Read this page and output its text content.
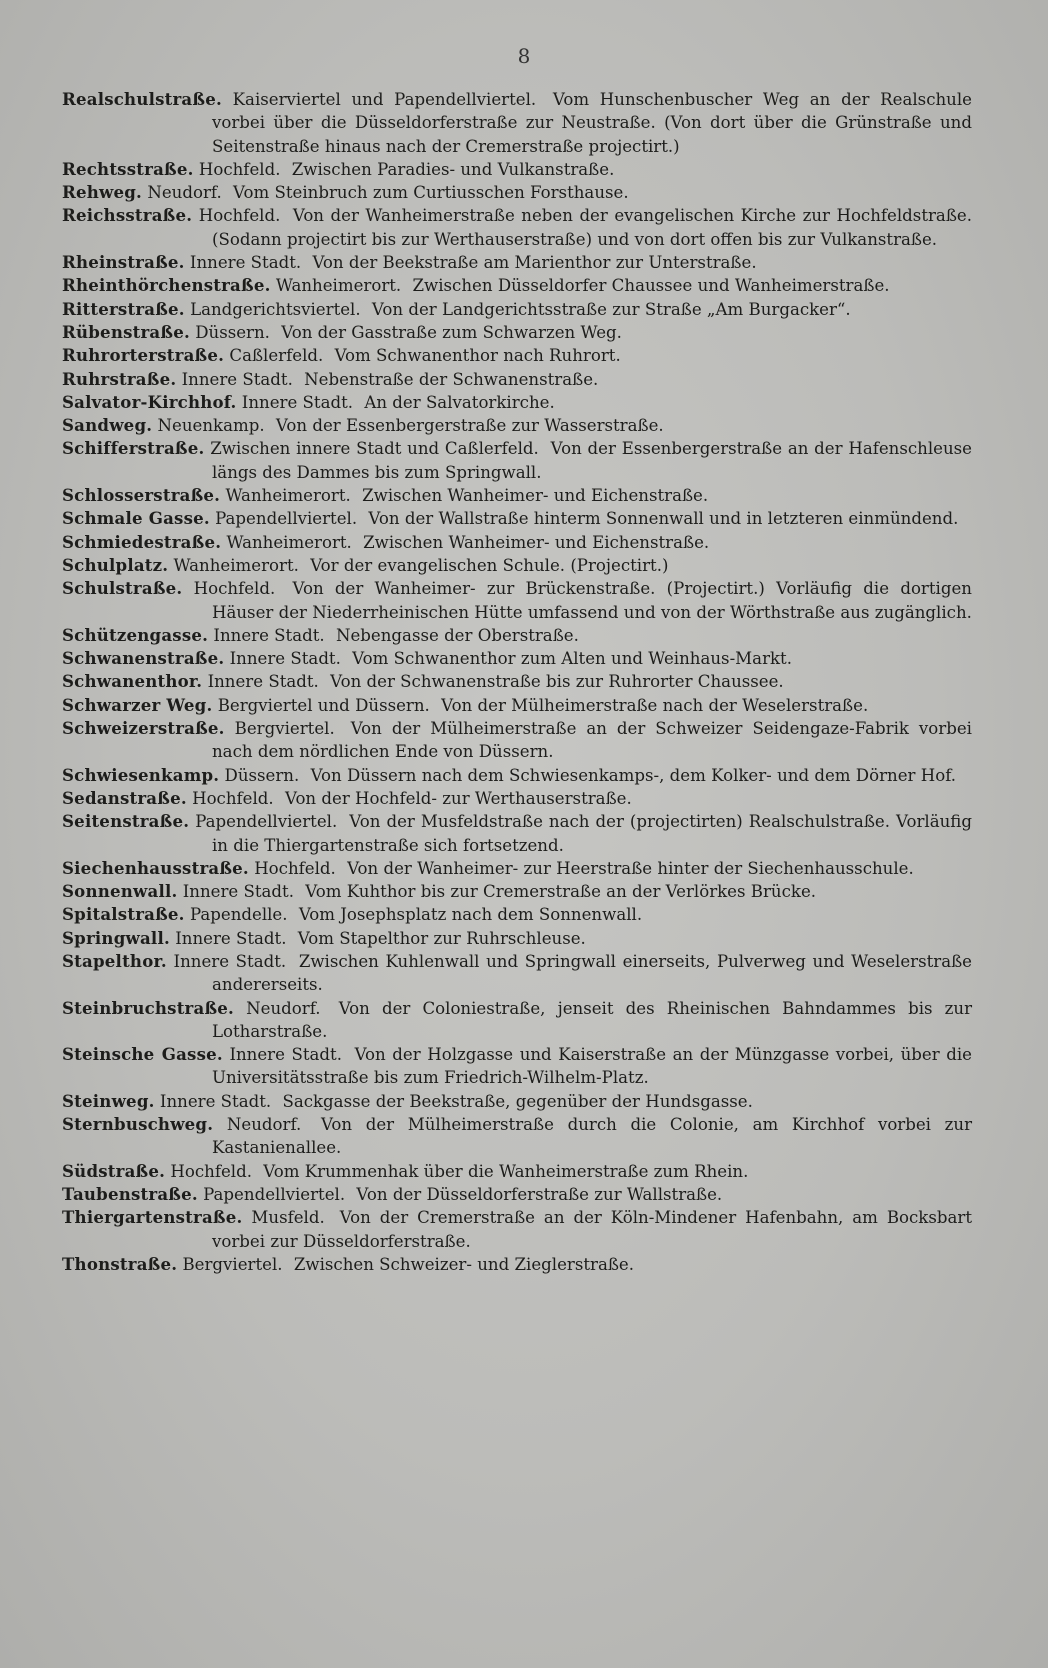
8
Realschulstraße. Kaiserviertel und Papendellviertel. Vom Hunschenbuscher Weg an der Realschule vorbei über die Düsseldorferstraße zur Neustraße. (Von dort über die Grünstraße und Seitenstraße hinaus nach der Cremerstraße projectirt.)
Rechtsstraße. Hochfeld. Zwischen Paradies- und Vulkanstraße.
Rehweg. Neudorf. Vom Steinbruch zum Curtiusschen Forsthause.
Reichsstraße. Hochfeld. Von der Wanheimerstraße neben der evangelischen Kirche zur Hochfeldstraße. (Sodann projectirt bis zur Werthauserstraße) und von dort offen bis zur Vulkanstraße.
Rheinstraße. Innere Stadt. Von der Beekstraße am Marienthor zur Unterstraße.
Rheinthörchenstraße. Wanheimerort. Zwischen Düsseldorfer Chaussee und Wanheimerstraße.
Ritterstraße. Landgerichtsviertel. Von der Landgerichtsstraße zur Straße „Am Burgacker“.
Rübenstraße. Düssern. Von der Gasstraße zum Schwarzen Weg.
Ruhrorterstraße. Caßlerfeld. Vom Schwanenthor nach Ruhrort.
Ruhrstraße. Innere Stadt. Nebenstraße der Schwanenstraße.
Salvator-Kirchhof. Innere Stadt. An der Salvatorkirche.
Sandweg. Neuenkamp. Von der Essenbergerstraße zur Wasserstraße.
Schifferstraße. Zwischen innere Stadt und Caßlerfeld. Von der Essenbergerstraße an der Hafenschleuse längs des Dammes bis zum Springwall.
Schlosserstraße. Wanheimerort. Zwischen Wanheimer- und Eichenstraße.
Schmale Gasse. Papendellviertel. Von der Wallstraße hinterm Sonnenwall und in letzteren einmündend.
Schmiedestraße. Wanheimerort. Zwischen Wanheimer- und Eichenstraße.
Schulplatz. Wanheimerort. Vor der evangelischen Schule. (Projectirt.)
Schulstraße. Hochfeld. Von der Wanheimer- zur Brückenstraße. (Projectirt.) Vorläufig die dortigen Häuser der Niederrheinischen Hütte umfassend und von der Wörthstraße aus zugänglich.
Schützengasse. Innere Stadt. Nebengasse der Oberstraße.
Schwanenstraße. Innere Stadt. Vom Schwanenthor zum Alten und Weinhaus-Markt.
Schwanenthor. Innere Stadt. Von der Schwanenstraße bis zur Ruhrorter Chaussee.
Schwarzer Weg. Bergviertel und Düssern. Von der Mülheimerstraße nach der Weselerstraße.
Schweizerstraße. Bergviertel. Von der Mülheimerstraße an der Schweizer Seidengaze-Fabrik vorbei nach dem nördlichen Ende von Düssern.
Schwiesenkamp. Düssern. Von Düssern nach dem Schwiesenkamps-, dem Kolker- und dem Dörner Hof.
Sedanstraße. Hochfeld. Von der Hochfeld- zur Werthauserstraße.
Seitenstraße. Papendellviertel. Von der Musfeldstraße nach der (projectirten) Realschulstraße. Vorläufig in die Thiergartenstraße sich fortsetzend.
Siechenhausstraße. Hochfeld. Von der Wanheimer- zur Heerstraße hinter der Siechenhausschule.
Sonnenwall. Innere Stadt. Vom Kuhthor bis zur Cremerstraße an der Verlörkes Brücke.
Spitalstraße. Papendelle. Vom Josephsplatz nach dem Sonnenwall.
Springwall. Innere Stadt. Vom Stapelthor zur Ruhrschleuse.
Stapelthor. Innere Stadt. Zwischen Kuhlenwall und Springwall einerseits, Pulverweg und Weselerstraße andererseits.
Steinbruchstraße. Neudorf. Von der Coloniestraße, jenseit des Rheinischen Bahndammes bis zur Lotharstraße.
Steinsche Gasse. Innere Stadt. Von der Holzgasse und Kaiserstraße an der Münzgasse vorbei, über die Universitätsstraße bis zum Friedrich-Wilhelm-Platz.
Steinweg. Innere Stadt. Sackgasse der Beekstraße, gegenüber der Hundsgasse.
Sternbuschweg. Neudorf. Von der Mülheimerstraße durch die Colonie, am Kirchhof vorbei zur Kastanienallee.
Südstraße. Hochfeld. Vom Krummenhak über die Wanheimerstraße zum Rhein.
Taubenstraße. Papendellviertel. Von der Düsseldorferstraße zur Wallstraße.
Thiergartenstraße. Musfeld. Von der Cremerstraße an der Köln-Mindener Hafenbahn, am Bocksbart vorbei zur Düsseldorferstraße.
Thonstraße. Bergviertel. Zwischen Schweizer- und Zieglerstraße.
